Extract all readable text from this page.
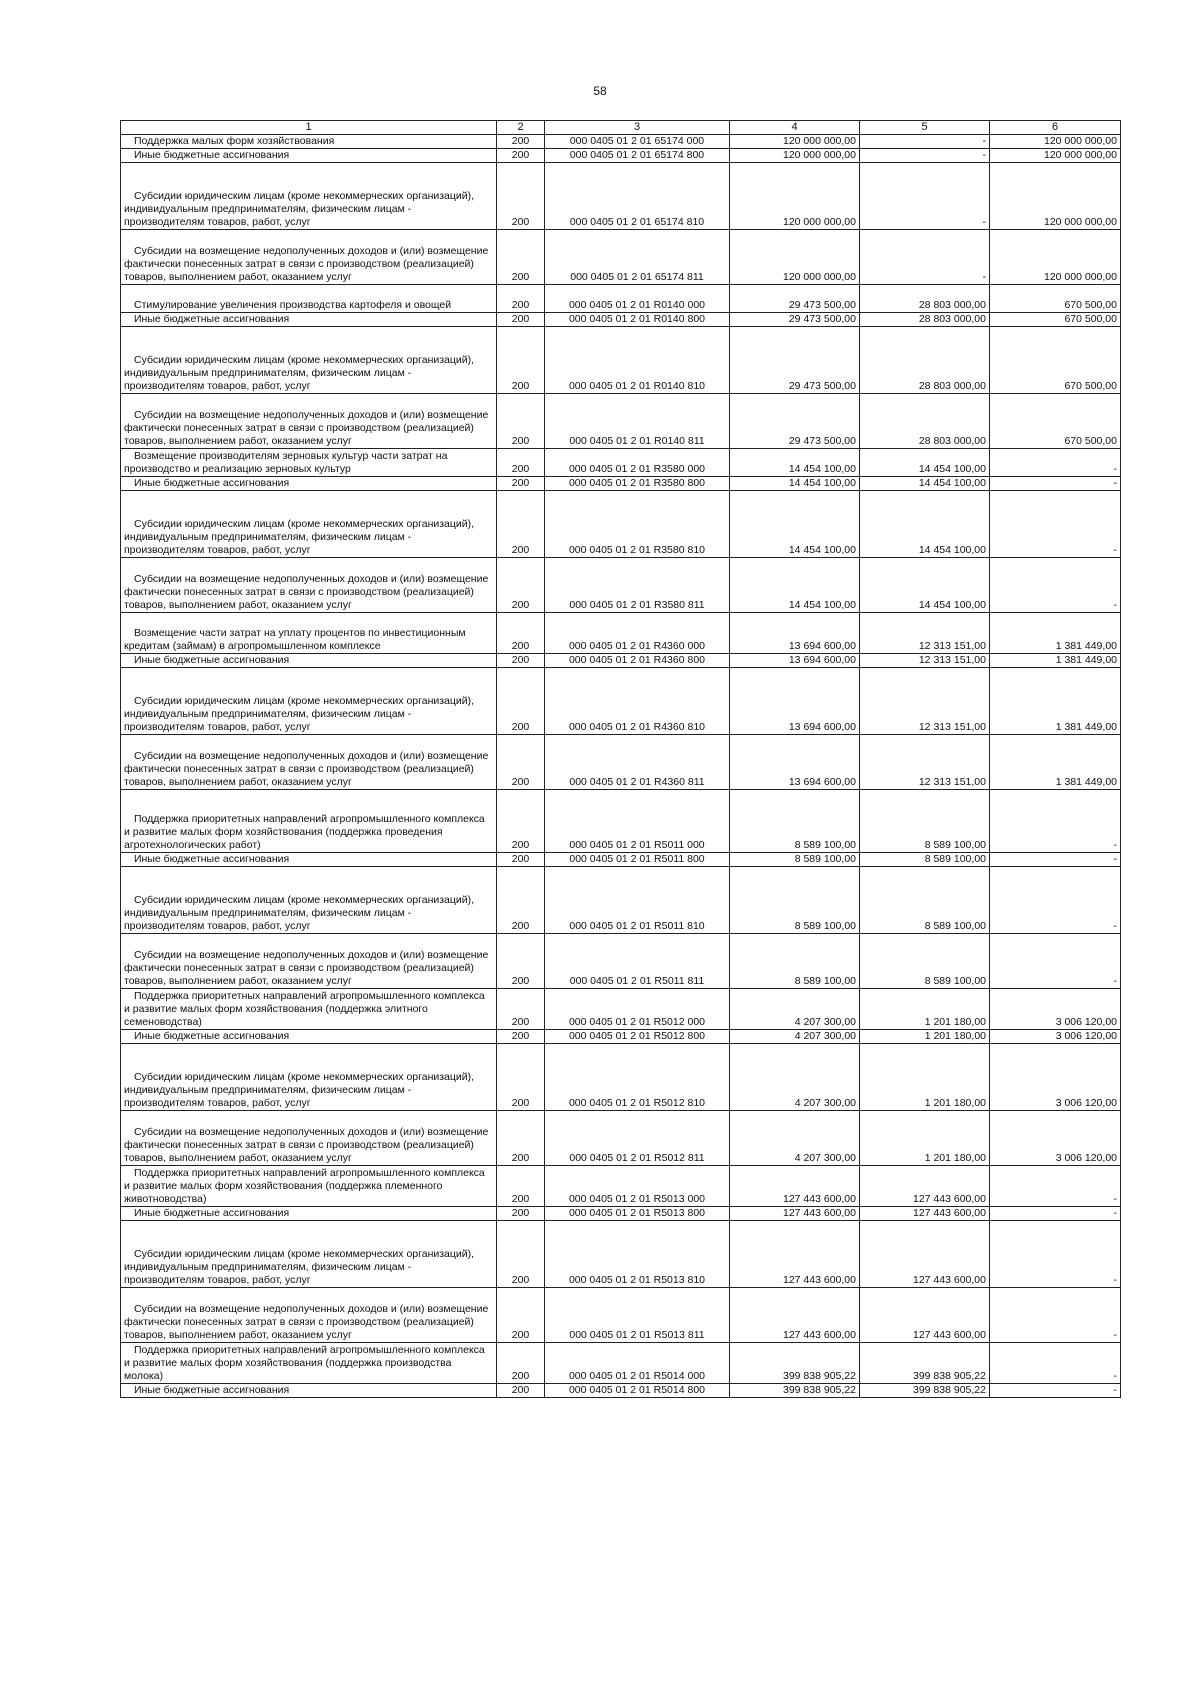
58
1	2	3	4	5	6
Поддержка малых форм хозяйствования	200	000 0405 01 2 01 65174 000	120 000 000,00	-	120 000 000,00
Иные бюджетные ассигнования	200	000 0405 01 2 01 65174 800	120 000 000,00	-	120 000 000,00
Субсидии юридическим лицам (кроме некоммерческих организаций), индивидуальным предпринимателям, физическим лицам - производителям товаров, работ, услуг	200	000 0405 01 2 01 65174 810	120 000 000,00	-	120 000 000,00
Субсидии на возмещение недополученных доходов и (или) возмещение фактически понесенных затрат в связи с производством (реализацией) товаров, выполнением работ, оказанием услуг	200	000 0405 01 2 01 65174 811	120 000 000,00	-	120 000 000,00
Стимулирование увеличения производства картофеля и овощей	200	000 0405 01 2 01 R0140 000	29 473 500,00	28 803 000,00	670 500,00
Иные бюджетные ассигнования	200	000 0405 01 2 01 R0140 800	29 473 500,00	28 803 000,00	670 500,00
Субсидии юридическим лицам (кроме некоммерческих организаций), индивидуальным предпринимателям, физическим лицам - производителям товаров, работ, услуг	200	000 0405 01 2 01 R0140 810	29 473 500,00	28 803 000,00	670 500,00
Субсидии на возмещение недополученных доходов и (или) возмещение фактически понесенных затрат в связи с производством (реализацией) товаров, выполнением работ, оказанием услуг	200	000 0405 01 2 01 R0140 811	29 473 500,00	28 803 000,00	670 500,00
Возмещение производителям зерновых культур части затрат на производство и реализацию зерновых культур	200	000 0405 01 2 01 R3580 000	14 454 100,00	14 454 100,00	-
Иные бюджетные ассигнования	200	000 0405 01 2 01 R3580 800	14 454 100,00	14 454 100,00	-
Субсидии юридическим лицам (кроме некоммерческих организаций), индивидуальным предпринимателям, физическим лицам - производителям товаров, работ, услуг	200	000 0405 01 2 01 R3580 810	14 454 100,00	14 454 100,00	-
Субсидии на возмещение недополученных доходов и (или) возмещение фактически понесенных затрат в связи с производством (реализацией) товаров, выполнением работ, оказанием услуг	200	000 0405 01 2 01 R3580 811	14 454 100,00	14 454 100,00	-
Возмещение части затрат на уплату процентов по инвестиционным кредитам (займам) в агропромышленном комплексе	200	000 0405 01 2 01 R4360 000	13 694 600,00	12 313 151,00	1 381 449,00
Иные бюджетные ассигнования	200	000 0405 01 2 01 R4360 800	13 694 600,00	12 313 151,00	1 381 449,00
Субсидии юридическим лицам (кроме некоммерческих организаций), индивидуальным предпринимателям, физическим лицам - производителям товаров, работ, услуг	200	000 0405 01 2 01 R4360 810	13 694 600,00	12 313 151,00	1 381 449,00
Субсидии на возмещение недополученных доходов и (или) возмещение фактически понесенных затрат в связи с производством (реализацией) товаров, выполнением работ, оказанием услуг	200	000 0405 01 2 01 R4360 811	13 694 600,00	12 313 151,00	1 381 449,00
Поддержка приоритетных направлений агропромышленного комплекса и развитие малых форм хозяйствования (поддержка проведения агротехнологических работ)	200	000 0405 01 2 01 R5011 000	8 589 100,00	8 589 100,00	-
Иные бюджетные ассигнования	200	000 0405 01 2 01 R5011 800	8 589 100,00	8 589 100,00	-
Субсидии юридическим лицам (кроме некоммерческих организаций), индивидуальным предпринимателям, физическим лицам - производителям товаров, работ, услуг	200	000 0405 01 2 01 R5011 810	8 589 100,00	8 589 100,00	-
Субсидии на возмещение недополученных доходов и (или) возмещение фактически понесенных затрат в связи с производством (реализацией) товаров, выполнением работ, оказанием услуг	200	000 0405 01 2 01 R5011 811	8 589 100,00	8 589 100,00	-
Поддержка приоритетных направлений агропромышленного комплекса и развитие малых форм хозяйствования (поддержка элитного семеноводства)	200	000 0405 01 2 01 R5012 000	4 207 300,00	1 201 180,00	3 006 120,00
Иные бюджетные ассигнования	200	000 0405 01 2 01 R5012 800	4 207 300,00	1 201 180,00	3 006 120,00
Субсидии юридическим лицам (кроме некоммерческих организаций), индивидуальным предпринимателям, физическим лицам - производителям товаров, работ, услуг	200	000 0405 01 2 01 R5012 810	4 207 300,00	1 201 180,00	3 006 120,00
Субсидии на возмещение недополученных доходов и (или) возмещение фактически понесенных затрат в связи с производством (реализацией) товаров, выполнением работ, оказанием услуг	200	000 0405 01 2 01 R5012 811	4 207 300,00	1 201 180,00	3 006 120,00
Поддержка приоритетных направлений агропромышленного комплекса и развитие малых форм хозяйствования (поддержка племенного животноводства)	200	000 0405 01 2 01 R5013 000	127 443 600,00	127 443 600,00	-
Иные бюджетные ассигнования	200	000 0405 01 2 01 R5013 800	127 443 600,00	127 443 600,00	-
Субсидии юридическим лицам (кроме некоммерческих организаций), индивидуальным предпринимателям, физическим лицам - производителям товаров, работ, услуг	200	000 0405 01 2 01 R5013 810	127 443 600,00	127 443 600,00	-
Субсидии на возмещение недополученных доходов и (или) возмещение фактически понесенных затрат в связи с производством (реализацией) товаров, выполнением работ, оказанием услуг	200	000 0405 01 2 01 R5013 811	127 443 600,00	127 443 600,00	-
Поддержка приоритетных направлений агропромышленного комплекса и развитие малых форм хозяйствования (поддержка производства молока)	200	000 0405 01 2 01 R5014 000	399 838 905,22	399 838 905,22	-
Иные бюджетные ассигнования	200	000 0405 01 2 01 R5014 800	399 838 905,22	399 838 905,22	-
